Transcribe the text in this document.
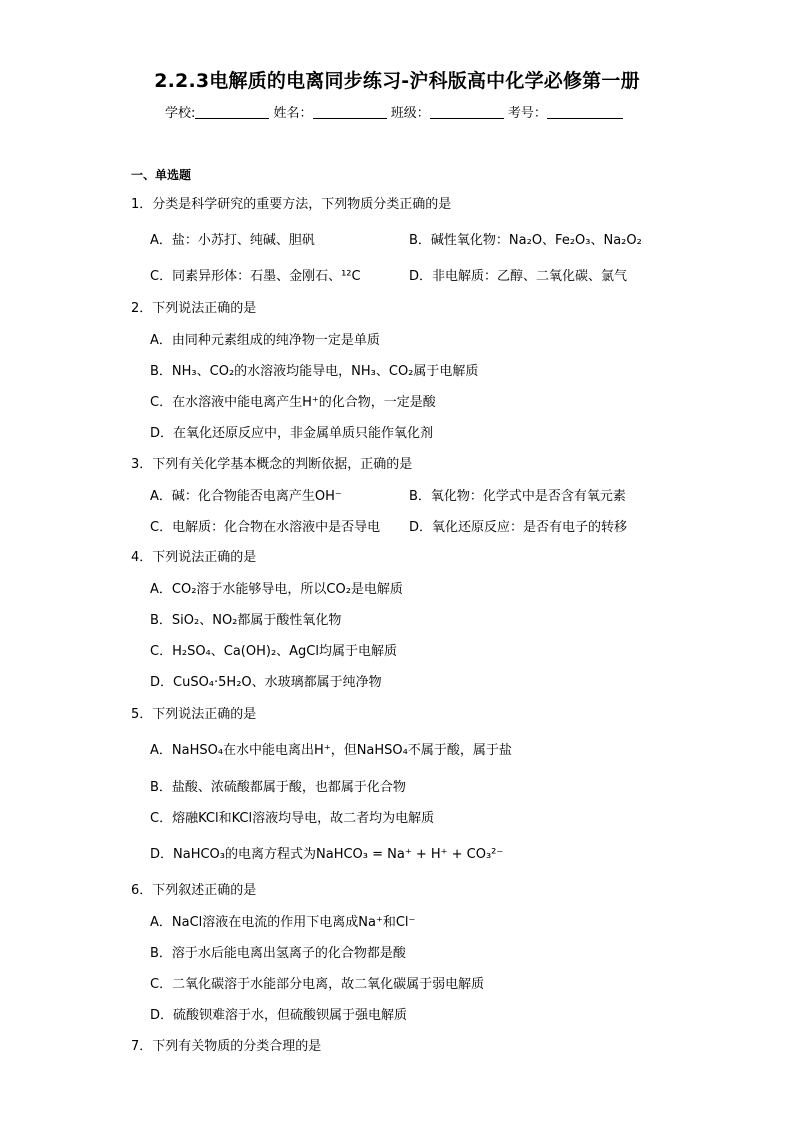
2.2.3电解质的电离同步练习-沪科版高中化学必修第一册
学校:	姓名：	班级：	考号：
一、单选题
1．分类是科学研究的重要方法，下列物质分类正确的是
A．盐：小苏打、纯碱、胆矾	B．碱性氧化物：Na₂O、Fe₂O₃、Na₂O₂
C．同素异形体：石墨、金刚石、¹²C	D．非电解质：乙醇、二氧化碳、氯气
2．下列说法正确的是
A．由同种元素组成的纯净物一定是单质
B．NH₃、CO₂的水溶液均能导电，NH₃、CO₂属于电解质
C．在水溶液中能电离产生H⁺的化合物，一定是酸
D．在氧化还原反应中，非金属单质只能作氧化剂
3．下列有关化学基本概念的判断依据，正确的是
A．碱：化合物能否电离产生OH⁻	B．氧化物：化学式中是否含有氧元素
C．电解质：化合物在水溶液中是否导电 D．氧化还原反应：是否有电子的转移
4．下列说法正确的是
A．CO₂溶于水能够导电，所以CO₂是电解质
B．SiO₂、NO₂都属于酸性氧化物
C．H₂SO₄、Ca(OH)₂、AgCl均属于电解质
D．CuSO₄·5H₂O、水玻璃都属于纯净物
5．下列说法正确的是
A．NaHSO₄在水中能电离出H⁺，但NaHSO₄不属于酸，属于盐
B．盐酸、浓硫酸都属于酸，也都属于化合物
C．熔融KCl和KCl溶液均导电，故二者均为电解质
D．NaHCO₃的电离方程式为NaHCO₃ = Na⁺ + H⁺ + CO₃²⁻
6．下列叙述正确的是
A．NaCl溶液在电流的作用下电离成Na⁺和Cl⁻
B．溶于水后能电离出氢离子的化合物都是酸
C．二氧化碳溶于水能部分电离，故二氧化碳属于弱电解质
D．硫酸钡难溶于水，但硫酸钡属于强电解质
7．下列有关物质的分类合理的是
